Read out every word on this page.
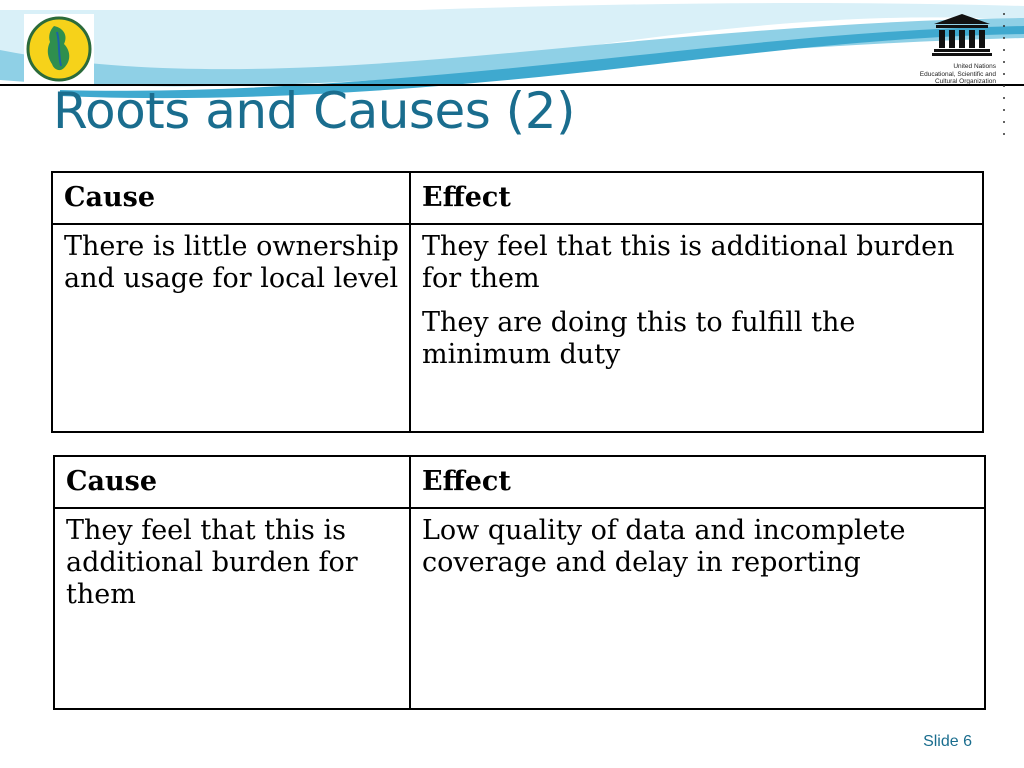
United Nations
Educational, Scientific and
Cultural Organization
Roots and Causes (2)
Cause	Effect
There is little ownership and usage for local level	They feel that this is additional burden for them
They are doing this to fulfill the minimum duty
Cause	Effect
They feel that this is additional burden for them	Low quality of data and incomplete coverage and delay in reporting
Slide 6
